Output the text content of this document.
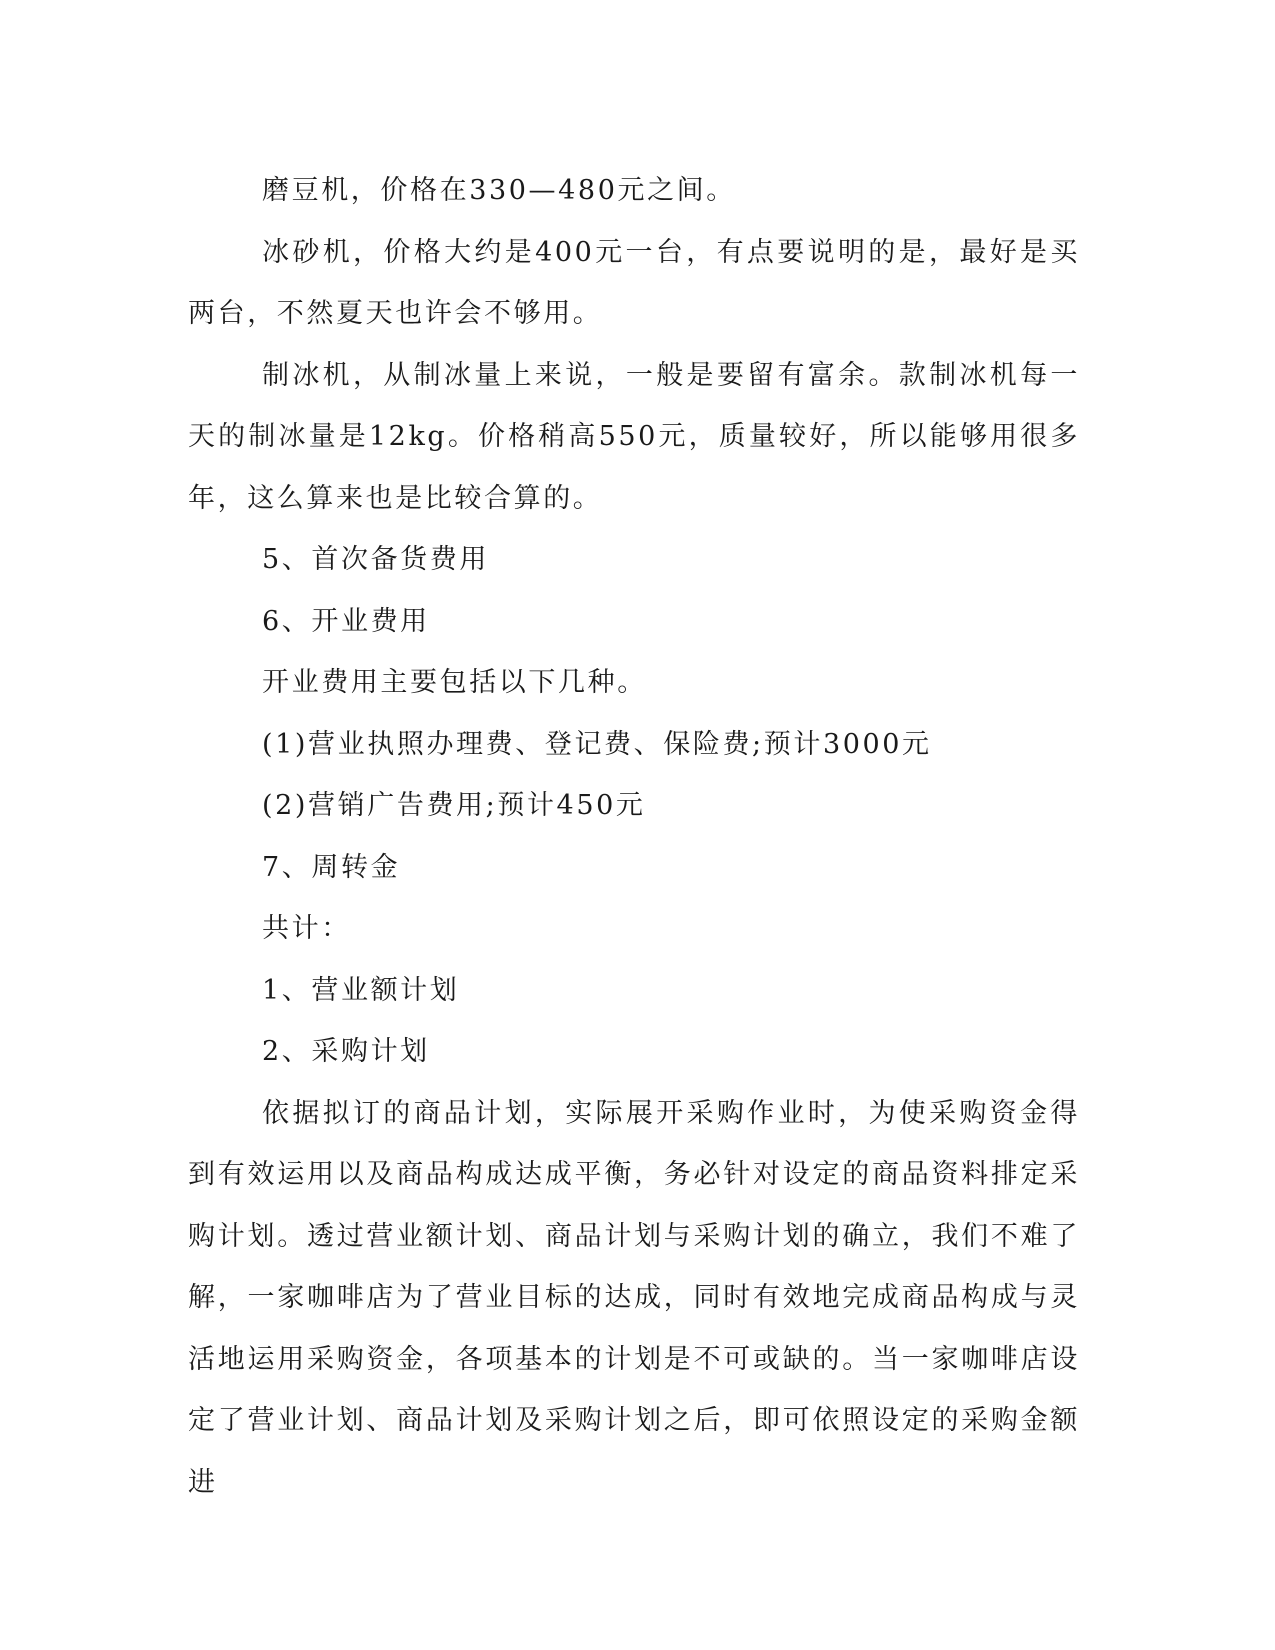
磨豆机，价格在330—480元之间。

冰砂机，价格大约是400元一台，有点要说明的是，最好是买两台，不然夏天也许会不够用。

制冰机，从制冰量上来说，一般是要留有富余。款制冰机每一天的制冰量是12kg。价格稍高550元，质量较好，所以能够用很多年，这么算来也是比较合算的。

5、首次备货费用

6、开业费用

开业费用主要包括以下几种。

(1)营业执照办理费、登记费、保险费;预计3000元

(2)营销广告费用;预计450元

7、周转金

共计：

1、营业额计划

2、采购计划

依据拟订的商品计划，实际展开采购作业时，为使采购资金得到有效运用以及商品构成达成平衡，务必针对设定的商品资料排定采购计划。透过营业额计划、商品计划与采购计划的确立，我们不难了解，一家咖啡店为了营业目标的达成，同时有效地完成商品构成与灵活地运用采购资金，各项基本的计划是不可或缺的。当一家咖啡店设定了营业计划、商品计划及采购计划之后，即可依照设定的采购金额进
